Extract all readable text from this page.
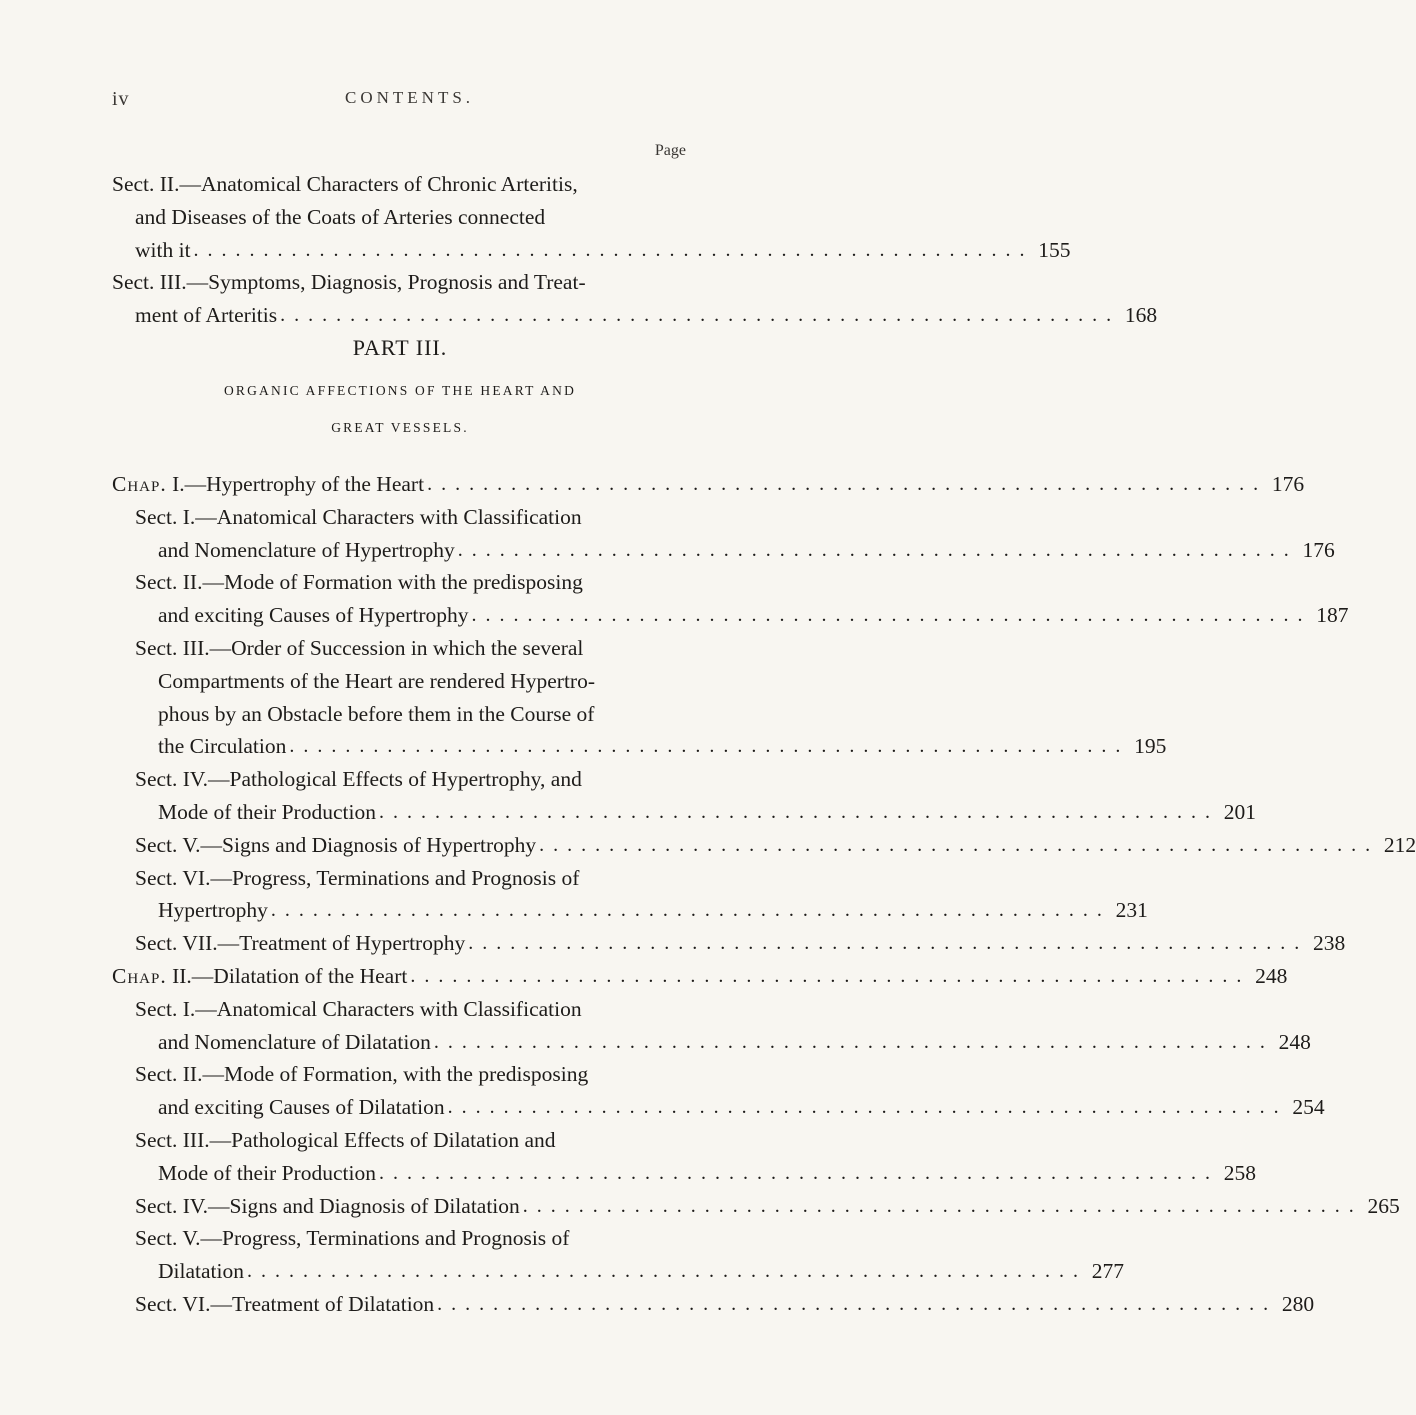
iv	CONTENTS.
Page
Sect. II.—Anatomical Characters of Chronic Arteritis,
and Diseases of the Coats of Arteries connected
with it . . . . . . . . . . . . . . . . . . . . . . . . . . . . . . . . . . . . . . . . . . . . . . . . . . . . . . . . . . . . 155
Sect. III.—Symptoms, Diagnosis, Prognosis and Treat-
ment of Arteritis . . . . . . . . . . . . . . . . . . . . . . . . . . . . . . . . . . . . . . . . . . . . . . . . . . . . . . . . . . . . 168
PART III.
ORGANIC AFFECTIONS OF THE HEART AND
GREAT VESSELS.
Chap. I.—Hypertrophy of the Heart . . . . . . . . . . . . . . . . . . . . . . . . . . . . . . . . . . . . . . . . . . . . . . . . . . . . . . . . . . . . 176
Sect. I.—Anatomical Characters with Classification
and Nomenclature of Hypertrophy . . . . . . . . . . . . . . . . . . . . . . . . . . . . . . . . . . . . . . . . . . . . . . . . . . . . . . . . . . . . 176
Sect. II.—Mode of Formation with the predisposing
and exciting Causes of Hypertrophy . . . . . . . . . . . . . . . . . . . . . . . . . . . . . . . . . . . . . . . . . . . . . . . . . . . . . . . . . . . . 187
Sect. III.—Order of Succession in which the several
Compartments of the Heart are rendered Hypertro-
phous by an Obstacle before them in the Course of
the Circulation . . . . . . . . . . . . . . . . . . . . . . . . . . . . . . . . . . . . . . . . . . . . . . . . . . . . . . . . . . . . 195
Sect. IV.—Pathological Effects of Hypertrophy, and
Mode of their Production . . . . . . . . . . . . . . . . . . . . . . . . . . . . . . . . . . . . . . . . . . . . . . . . . . . . . . . . . . . . 201
Sect. V.—Signs and Diagnosis of Hypertrophy . . . . . . . . . . . . . . . . . . . . . . . . . . . . . . . . . . . . . . . . . . . . . . . . . . . . . . . . . . . . 212
Sect. VI.—Progress, Terminations and Prognosis of
Hypertrophy . . . . . . . . . . . . . . . . . . . . . . . . . . . . . . . . . . . . . . . . . . . . . . . . . . . . . . . . . . . . 231
Sect. VII.—Treatment of Hypertrophy . . . . . . . . . . . . . . . . . . . . . . . . . . . . . . . . . . . . . . . . . . . . . . . . . . . . . . . . . . . . 238
Chap. II.—Dilatation of the Heart . . . . . . . . . . . . . . . . . . . . . . . . . . . . . . . . . . . . . . . . . . . . . . . . . . . . . . . . . . . . 248
Sect. I.—Anatomical Characters with Classification
and Nomenclature of Dilatation . . . . . . . . . . . . . . . . . . . . . . . . . . . . . . . . . . . . . . . . . . . . . . . . . . . . . . . . . . . . 248
Sect. II.—Mode of Formation, with the predisposing
and exciting Causes of Dilatation . . . . . . . . . . . . . . . . . . . . . . . . . . . . . . . . . . . . . . . . . . . . . . . . . . . . . . . . . . . . 254
Sect. III.—Pathological Effects of Dilatation and
Mode of their Production . . . . . . . . . . . . . . . . . . . . . . . . . . . . . . . . . . . . . . . . . . . . . . . . . . . . . . . . . . . . 258
Sect. IV.—Signs and Diagnosis of Dilatation . . . . . . . . . . . . . . . . . . . . . . . . . . . . . . . . . . . . . . . . . . . . . . . . . . . . . . . . . . . . 265
Sect. V.—Progress, Terminations and Prognosis of
Dilatation . . . . . . . . . . . . . . . . . . . . . . . . . . . . . . . . . . . . . . . . . . . . . . . . . . . . . . . . . . . . 277
Sect. VI.—Treatment of Dilatation . . . . . . . . . . . . . . . . . . . . . . . . . . . . . . . . . . . . . . . . . . . . . . . . . . . . . . . . . . . . 280
